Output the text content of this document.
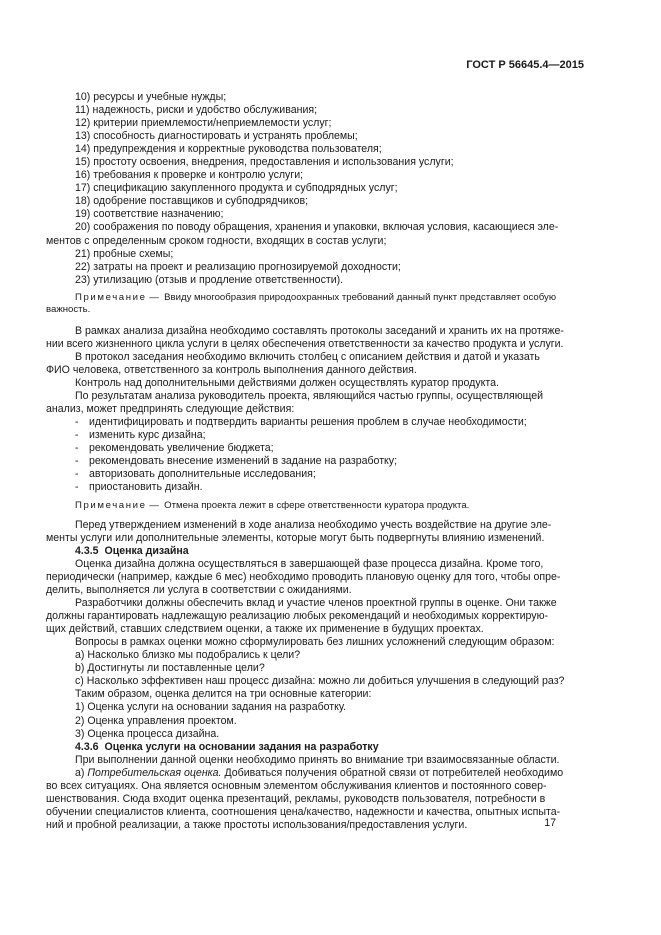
ГОСТ Р 56645.4—2015
10) ресурсы и учебные нужды;
11) надежность, риски и удобство обслуживания;
12) критерии приемлемости/неприемлемости услуг;
13) способность диагностировать и устранять проблемы;
14) предупреждения и корректные руководства пользователя;
15) простоту освоения, внедрения, предоставления и использования услуги;
16) требования к проверке и контролю услуги;
17) спецификацию закупленного продукта и субподрядных услуг;
18) одобрение поставщиков и субподрядчиков;
19) соответствие назначению;
20) соображения по поводу обращения, хранения и упаковки, включая условия, касающиеся эле-
ментов с определенным сроком годности, входящих в состав услуги;
21) пробные схемы;
22) затраты на проект и реализацию прогнозируемой доходности;
23) утилизацию (отзыв и продление ответственности).
Примечание — Ввиду многообразия природоохранных требований данный пункт представляет особую
важность.
В рамках анализа дизайна необходимо составлять протоколы заседаний и хранить их на протяже-
нии всего жизненного цикла услуги в целях обеспечения ответственности за качество продукта и услуги.
В протокол заседания необходимо включить столбец с описанием действия и датой и указать
ФИО человека, ответственного за контроль выполнения данного действия.
Контроль над дополнительными действиями должен осуществлять куратор продукта.
По результатам анализа руководитель проекта, являющийся частью группы, осуществляющей
анализ, может предпринять следующие действия:
- идентифицировать и подтвердить варианты решения проблем в случае необходимости;
- изменить курс дизайна;
- рекомендовать увеличение бюджета;
- рекомендовать внесение изменений в задание на разработку;
- авторизовать дополнительные исследования;
- приостановить дизайн.
Примечание — Отмена проекта лежит в сфере ответственности куратора продукта.
Перед утверждением изменений в ходе анализа необходимо учесть воздействие на другие эле-
менты услуги или дополнительные элементы, которые могут быть подвергнуты влиянию изменений.
4.3.5 Оценка дизайна
Оценка дизайна должна осуществляться в завершающей фазе процесса дизайна. Кроме того,
периодически (например, каждые 6 мес) необходимо проводить плановую оценку для того, чтобы опре-
делить, выполняется ли услуга в соответствии с ожиданиями.
Разработчики должны обеспечить вклад и участие членов проектной группы в оценке. Они также
должны гарантировать надлежащую реализацию любых рекомендаций и необходимых корректирую-
щих действий, ставших следствием оценки, а также их применение в будущих проектах.
Вопросы в рамках оценки можно сформулировать без лишних усложнений следующим образом:
a) Насколько близко мы подобрались к цели?
b) Достигнуты ли поставленные цели?
c) Насколько эффективен наш процесс дизайна: можно ли добиться улучшения в следующий раз?
Таким образом, оценка делится на три основные категории:
1) Оценка услуги на основании задания на разработку.
2) Оценка управления проектом.
3) Оценка процесса дизайна.
4.3.6 Оценка услуги на основании задания на разработку
При выполнении данной оценки необходимо принять во внимание три взаимосвязанные области.
а) Потребительская оценка. Добиваться получения обратной связи от потребителей необходимо
во всех ситуациях. Она является основным элементом обслуживания клиентов и постоянного совер-
шенствования. Сюда входит оценка презентаций, рекламы, руководств пользователя, потребности в
обучении специалистов клиента, соотношения цена/качество, надежности и качества, опытных испыта-
ний и пробной реализации, а также простоты использования/предоставления услуги.	17
